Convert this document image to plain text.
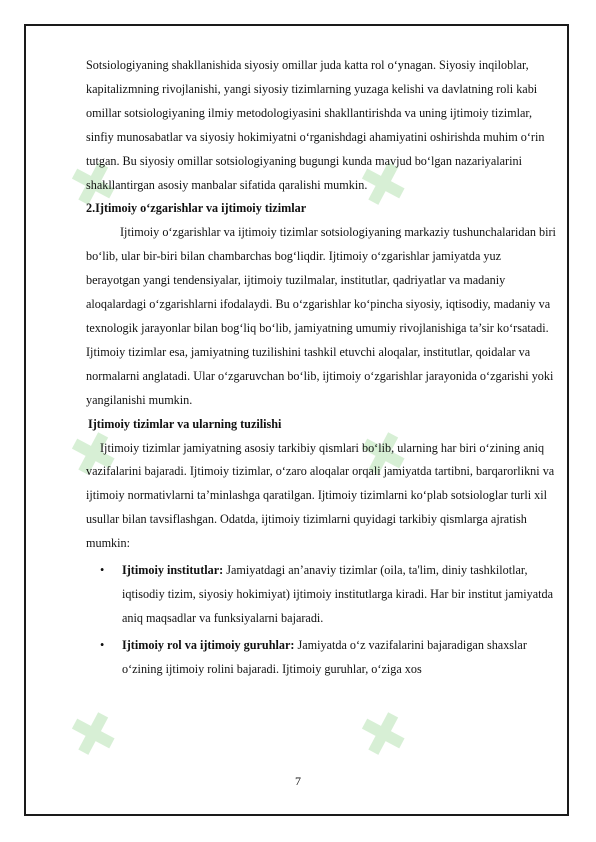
✚	✚
✚	✚
✚	✚

Sotsiologiyaning shakllanishida siyosiy omillar juda katta rol o‘ynagan. Siyosiy inqiloblar, kapitalizmning rivojlanishi, yangi siyosiy tizimlarning yuzaga kelishi va davlatning roli kabi omillar sotsiologiyaning ilmiy metodologiyasini shakllantirishda va uning ijtimoiy tizimlar, sinfiy munosabatlar va siyosiy hokimiyatni o‘rganishdagi ahamiyatini oshirishda muhim o‘rin tutgan. Bu siyosiy omillar sotsiologiyaning bugungi kunda mavjud bo‘lgan nazariyalarini shakllantirgan asosiy manbalar sifatida qaralishi mumkin.

2.Ijtimoiy o‘zgarishlar va ijtimoiy tizimlar

Ijtimoiy o‘zgarishlar va ijtimoiy tizimlar sotsiologiyaning markaziy tushunchalaridan biri bo‘lib, ular bir-biri bilan chambarchas bog‘liqdir. Ijtimoiy o‘zgarishlar jamiyatda yuz berayotgan yangi tendensiyalar, ijtimoiy tuzilmalar, institutlar, qadriyatlar va madaniy aloqalardagi o‘zgarishlarni ifodalaydi. Bu o‘zgarishlar ko‘pincha siyosiy, iqtisodiy, madaniy va texnologik jarayonlar bilan bog‘liq bo‘lib, jamiyatning umumiy rivojlanishiga ta’sir ko‘rsatadi. Ijtimoiy tizimlar esa, jamiyatning tuzilishini tashkil etuvchi aloqalar, institutlar, qoidalar va normalarni anglatadi. Ular o‘zgaruvchan bo‘lib, ijtimoiy o‘zgarishlar jarayonida o‘zgarishi yoki yangilanishi mumkin.

Ijtimoiy tizimlar va ularning tuzilishi

Ijtimoiy tizimlar jamiyatning asosiy tarkibiy qismlari bo‘lib, ularning har biri o‘zining aniq vazifalarini bajaradi. Ijtimoiy tizimlar, o‘zaro aloqalar orqali jamiyatda tartibni, barqarorlikni va ijtimoiy normativlarni ta’minlashga qaratilgan. Ijtimoiy tizimlarni ko‘plab sotsiologlar turli xil usullar bilan tavsiflashgan. Odatda, ijtimoiy tizimlarni quyidagi tarkibiy qismlarga ajratish mumkin:

• Ijtimoiy institutlar: Jamiyatdagi an’anaviy tizimlar (oila, ta'lim, diniy tashkilotlar, iqtisodiy tizim, siyosiy hokimiyat) ijtimoiy institutlarga kiradi. Har bir institut jamiyatda aniq maqsadlar va funksiyalarni bajaradi.
• Ijtimoiy rol va ijtimoiy guruhlar: Jamiyatda o‘z vazifalarini bajaradigan shaxslar o‘zining ijtimoiy rolini bajaradi. Ijtimoiy guruhlar, o‘ziga xos
7
